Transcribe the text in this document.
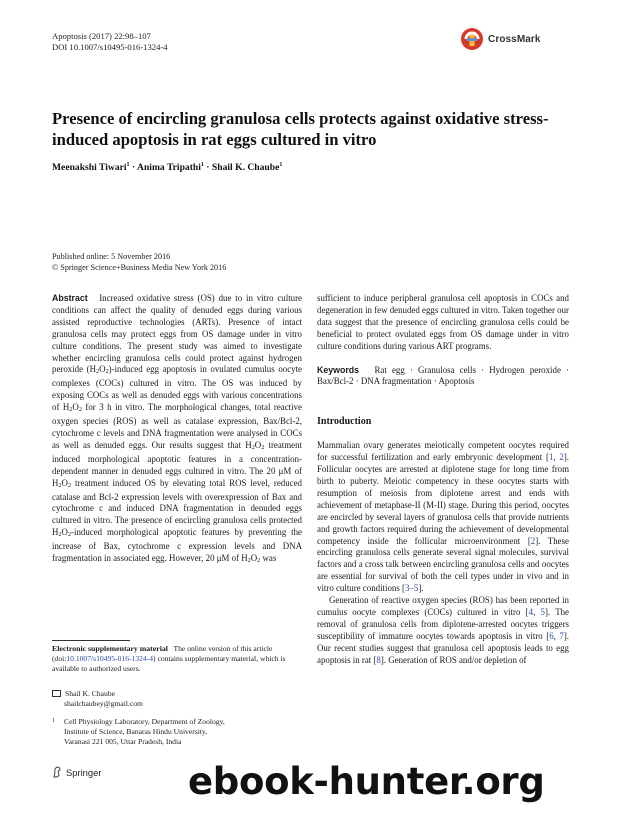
Apoptosis (2017) 22:98–107
DOI 10.1007/s10495-016-1324-4
CrossMark
Presence of encircling granulosa cells protects against oxidative stress-induced apoptosis in rat eggs cultured in vitro
Meenakshi Tiwari$^1$ · Anima Tripathi$^1$ · Shail K. Chaube$^1$
Published online: 5 November 2016
© Springer Science+Business Media New York 2016

Abstract Increased oxidative stress (OS) due to in vitro culture conditions can affect the quality of denuded eggs during various assisted reproductive technologies (ARTs). Presence of intact granulosa cells may protect eggs from OS damage under in vitro culture conditions. The present study was aimed to investigate whether encircling granulosa cells could protect against hydrogen peroxide (H2O2)-induced egg apoptosis in ovulated cumulus oocyte complexes (COCs) cultured in vitro. The OS was induced by exposing COCs as well as denuded eggs with various concentrations of H2O2 for 3 h in vitro. The morphological changes, total reactive oxygen species (ROS) as well as catalase expression, Bax/Bcl-2, cytochrome c levels and DNA fragmentation were analysed in COCs as well as denuded eggs. Our results suggest that H2O2 treatment induced morphological apoptotic features in a concentration-dependent manner in denuded eggs cultured in vitro. The 20 μM of H2O2 treatment induced OS by elevating total ROS level, reduced catalase and Bcl-2 expression levels with overexpression of Bax and cytochrome c and induced DNA fragmentation in denuded eggs cultured in vitro. The presence of encircling granulosa cells protected H2O2-induced morphological apoptotic features by preventing the increase of Bax, cytochrome c expression levels and DNA fragmentation in associated egg. However, 20 μM of H2O2 was

Electronic supplementary material The online version of this article (doi:10.1007/s10495-016-1324-4) contains supplementary material, which is available to authorized users.
Shail K. Chaube
shailchaubey@gmail.com
1	Cell Physiology Laboratory, Department of Zoology,
Institute of Science, Banaras Hindu University,
Varanasi 221 005, Uttar Pradesh, India

sufficient to induce peripheral granulosa cell apoptosis in COCs and degeneration in few denuded eggs cultured in vitro. Taken together our data suggest that the presence of encircling granulosa cells could be beneficial to protect ovulated eggs from OS damage under in vitro culture conditions during various ART programs.

Keywords Rat egg · Granulosa cells · Hydrogen peroxide · Bax/Bcl-2 · DNA fragmentation · Apoptosis

Introduction

Mammalian ovary generates meiotically competent oocytes required for successful fertilization and early embryonic development [1, 2]. Follicular oocytes are arrested at diplotene stage for long time from birth to puberty. Meiotic competency in these oocytes starts with resumption of meiosis from diplotene arrest and ends with achievement of metaphase-II (M-II) stage. During this period, oocytes are encircled by several layers of granulosa cells that provide nutrients and growth factors required during the achievement of developmental competency inside the follicular microenvironment [2]. These encircling granulosa cells generate several signal molecules, survival factors and a cross talk between encircling granulosa cells and oocytes are essential for survival of both the cell types under in vivo and in vitro culture conditions [3–5].

Generation of reactive oxygen species (ROS) has been reported in cumulus oocyte complexes (COCs) cultured in vitro [4, 5]. The removal of granulosa cells from diplotene-arrested oocytes triggers susceptibility of immature oocytes towards apoptosis in vitro [6, 7]. Our recent studies suggest that granulosa cell apoptosis leads to egg apoptosis in rat [8]. Generation of ROS and/or depletion of

Springer ebook-hunter.org
